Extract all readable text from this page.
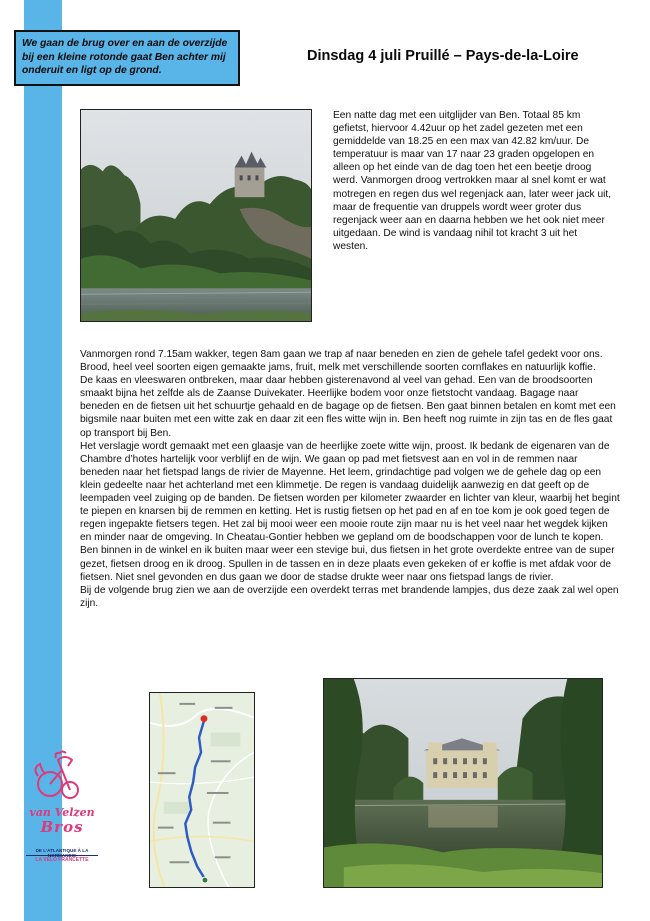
We gaan de brug over en aan de overzijde bij een kleine rotonde gaat Ben achter mij onderuit en ligt op de grond.
Dinsdag 4 juli Pruillé – Pays-de-la-Loire
Een natte dag met een uitglijder van Ben. Totaal 85 km gefietst, hiervoor 4.42uur op het zadel gezeten met een gemiddelde van 18.25 en een max van 42.82 km/uur. De temperatuur is maar van 17 naar 23 graden opgelopen en alleen op het einde van de dag toen het een beetje droog werd. Vanmorgen droog vertrokken maar al snel komt er wat motregen en regen dus wel regenjack aan, later weer jack uit, maar de frequentie van druppels wordt weer groter dus regenjack weer aan en daarna hebben we het ook niet meer uitgedaan. De wind is vandaag nihil tot kracht 3 uit het westen.

Vanmorgen rond 7.15am wakker, tegen 8am gaan we trap af naar beneden en zien de gehele tafel gedekt voor ons. Brood, heel veel soorten eigen gemaakte jams, fruit, melk met verschillende soorten cornflakes en natuurlijk koffie.

De kaas en vleeswaren ontbreken, maar daar hebben gisterenavond al veel van gehad. Een van de broodsoorten smaakt bijna het zelfde als de Zaanse Duivekater. Heerlijke bodem voor onze fietstocht vandaag. Bagage naar beneden en de fietsen uit het schuurtje gehaald en de bagage op de fietsen. Ben gaat binnen betalen en komt met een bigsmile naar buiten met een witte zak en daar zit een fles witte wijn in. Ben heeft nog ruimte in zijn tas en de fles gaat op transport bij Ben.

Het verslagje wordt gemaakt met een glaasje van de heerlijke zoete witte wijn, proost. Ik bedank de eigenaren van de Chambre d’hotes hartelijk voor verblijf en de wijn. We gaan op pad met fietsvest aan en vol in de remmen naar beneden naar het fietspad langs de rivier de Mayenne. Het leem, grindachtige pad volgen we de gehele dag op een klein gedeelte naar het achterland met een klimmetje. De regen is vandaag duidelijk aanwezig en dat geeft op de leempaden veel zuiging op de banden. De fietsen worden per kilometer zwaarder en lichter van kleur, waarbij het begint te piepen en knarsen bij de remmen en ketting. Het is rustig fietsen op het pad en af en toe kom je ook goed tegen de regen ingepakte fietsers tegen. Het zal bij mooi weer een mooie route zijn maar nu is het veel naar het wegdek kijken en minder naar de omgeving. In Cheatau-Gontier hebben we gepland om de boodschappen voor de lunch te kopen.

Ben binnen in de winkel en ik buiten maar weer een stevige bui, dus fietsen in het grote overdekte entree van de super gezet, fietsen droog en ik droog. Spullen in de tassen en in deze plaats even gekeken of er koffie is met afdak voor de fietsen. Niet snel gevonden en dus gaan we door de stadse drukte weer naar ons fietspad langs de rivier.

Bij de volgende brug zien we aan de overzijde een overdekt terras met brandende lampjes, dus deze zaak zal wel open zijn.

van Velzen
Bros
DE L'ATLANTIQUE À LA
LA VELO FRANCETTE
